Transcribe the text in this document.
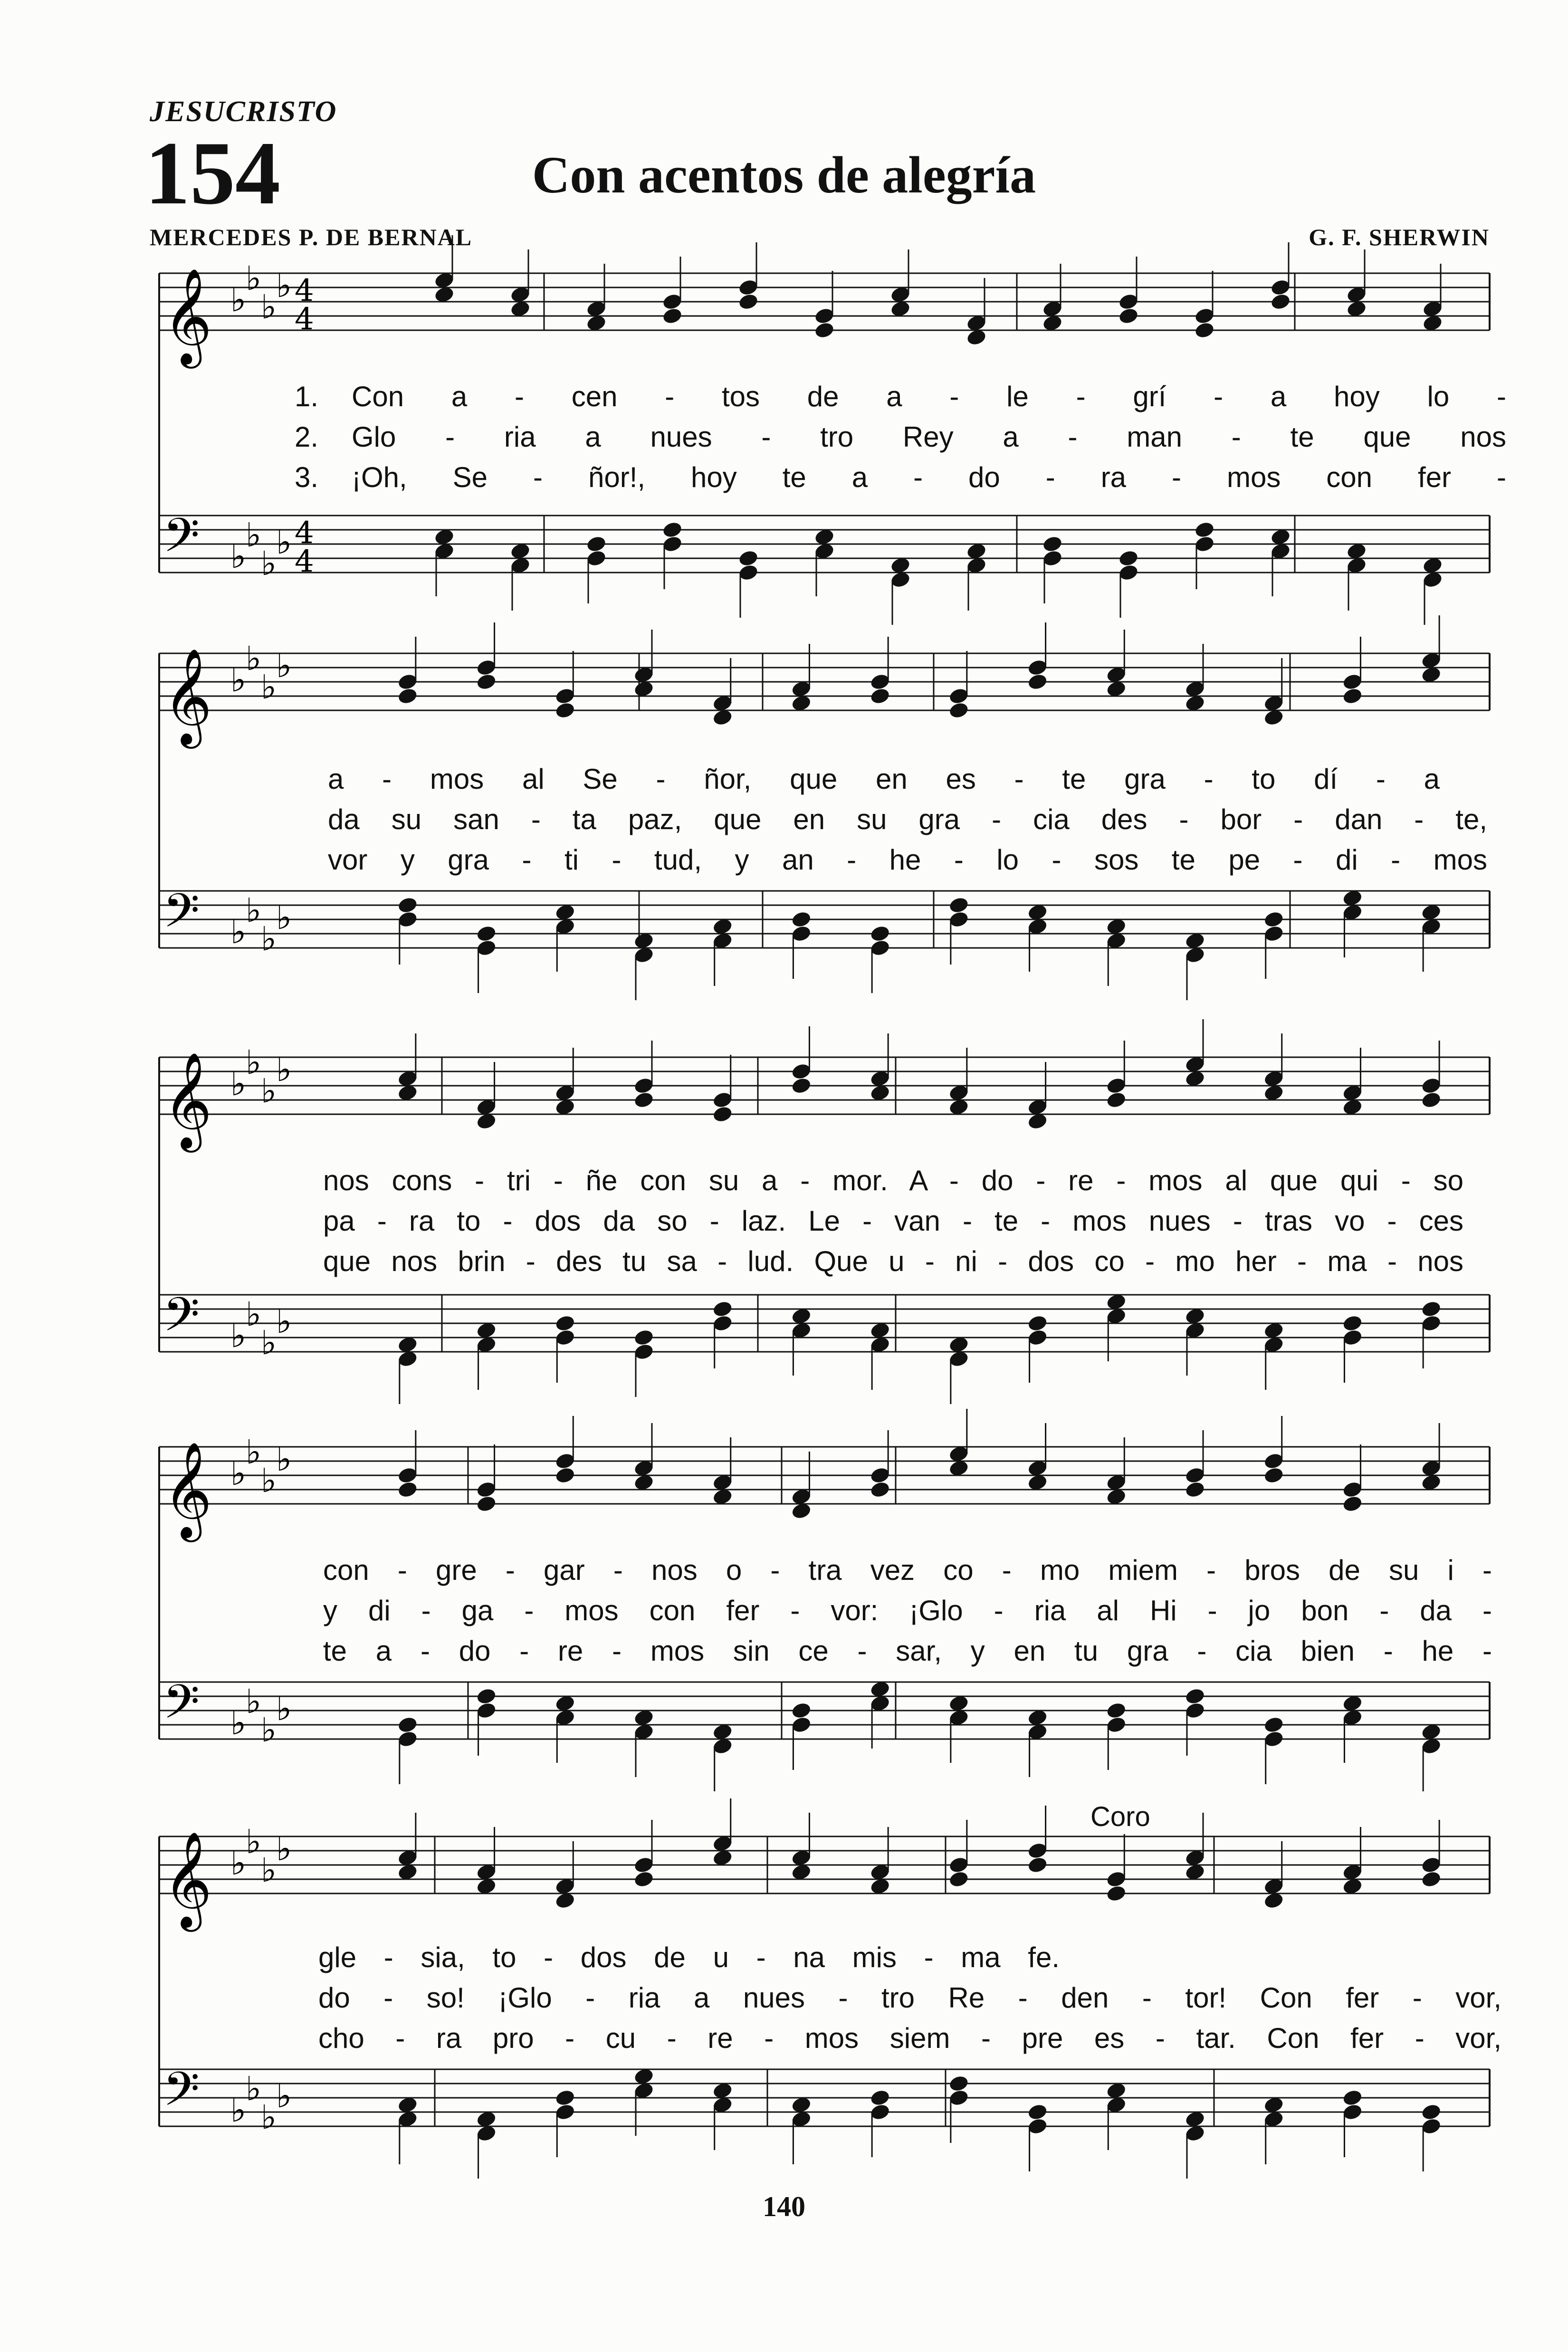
JESUCRISTO
154	Con acentos de alegría
MERCEDES P. DE BERNAL	G. F. SHERWIN
𝄞 ♭
♭
♭
♭ 4
4
𝄢 ♭
♭
♭
♭ 4
4
𝄞 ♭
♭
♭
♭
𝄢 ♭
♭
♭
♭
𝄞 ♭
♭
♭
♭
𝄢 ♭
♭
♭
♭
𝄞 ♭
♭
♭
♭
𝄢 ♭
♭
♭
♭
𝄞 ♭
♭
♭
♭
𝄢 ♭
♭
♭
♭
1. Con a - cen - tos de a - le - grí - a hoy lo -
2. Glo - ria a nues - tro Rey a - man - te que nos
3. ¡Oh, Se - ñor!, hoy te a - do - ra - mos con fer -
a - mos al Se - ñor, que en es - te gra - to dí - a
da su san - ta paz, que en su gra - cia des - bor - dan - te,
vor y gra - ti - tud, y an - he - lo - sos te pe - di - mos
nos cons - tri - ñe con su a - mor. A - do - re - mos al que qui - so
pa - ra to - dos da so - laz. Le - van - te - mos nues - tras vo - ces
que nos brin - des tu sa - lud. Que u - ni - dos co - mo her - ma - nos
con - gre - gar - nos o - tra vez co - mo miem - bros de su i -
y di - ga - mos con fer - vor: ¡Glo - ria al Hi - jo bon - da -
te a - do - re - mos sin ce - sar, y en tu gra - cia bien - he -
Coro
gle - sia, to - dos de u - na mis - ma fe.
do - so! ¡Glo - ria a nues - tro Re - den - tor! Con fer - vor,
cho - ra pro - cu - re - mos siem - pre es - tar. Con fer - vor,
140
